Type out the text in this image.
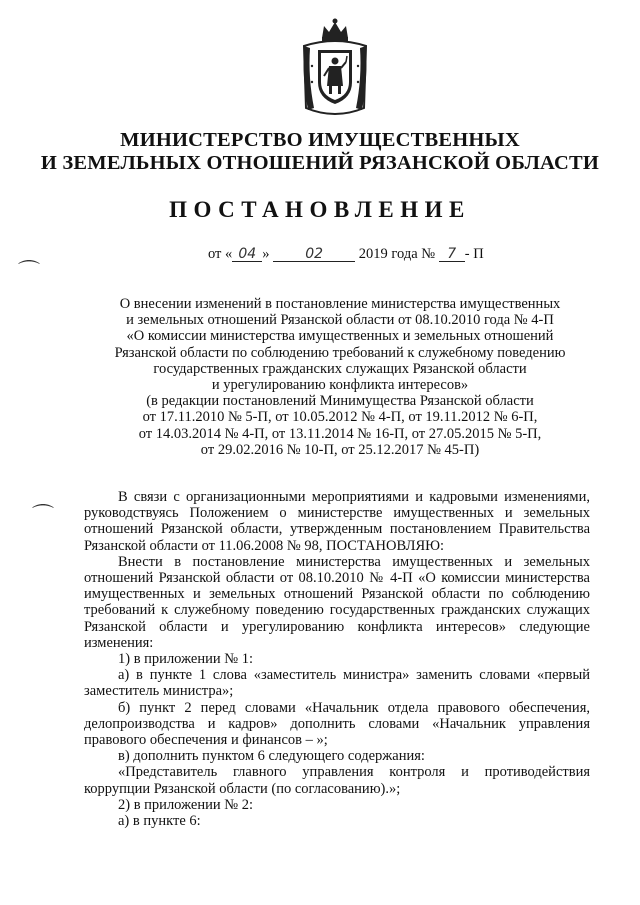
МИНИСТЕРСТВО ИМУЩЕСТВЕННЫХ
И ЗЕМЕЛЬНЫХ ОТНОШЕНИЙ РЯЗАНСКОЙ ОБЛАСТИ
ПОСТАНОВЛЕНИЕ
от « 04 »	02 2019 года № 7 - П
⌒
⌒
О внесении изменений в постановление министерства имущественных
и земельных отношений Рязанской области от 08.10.2010 года № 4-П
«О комиссии министерства имущественных и земельных отношений
Рязанской области по соблюдению требований к служебному поведению
государственных гражданских служащих Рязанской области
и урегулированию конфликта интересов»
(в редакции постановлений Минимущества Рязанской области
от 17.11.2010 № 5-П, от 10.05.2012 № 4-П, от 19.11.2012 № 6-П,
от 14.03.2014 № 4-П, от 13.11.2014 № 16-П, от 27.05.2015 № 5-П,
от 29.02.2016 № 10-П, от 25.12.2017 № 45-П)

В связи с организационными мероприятиями и кадровыми изменениями, руководствуясь Положением о министерстве имущественных и земельных отношений Рязанской области, утвержденным постановлением Правительства Рязанской области от 11.06.2008 № 98, ПОСТАНОВЛЯЮ:

Внести в постановление министерства имущественных и земельных отношений Рязанской области от 08.10.2010 № 4-П «О комиссии министерства имущественных и земельных отношений Рязанской области по соблюдению требований к служебному поведению государственных гражданских служащих Рязанской области и урегулированию конфликта интересов» следующие изменения:

1) в приложении № 1:

а) в пункте 1 слова «заместитель министра» заменить словами «первый заместитель министра»;

б) пункт 2 перед словами «Начальник отдела правового обеспечения, делопроизводства и кадров» дополнить словами «Начальник управления правового обеспечения и финансов – »;

в) дополнить пунктом 6 следующего содержания:

«Представитель главного управления контроля и противодействия коррупции Рязанской области (по согласованию).»;

2) в приложении № 2:

а) в пункте 6:
